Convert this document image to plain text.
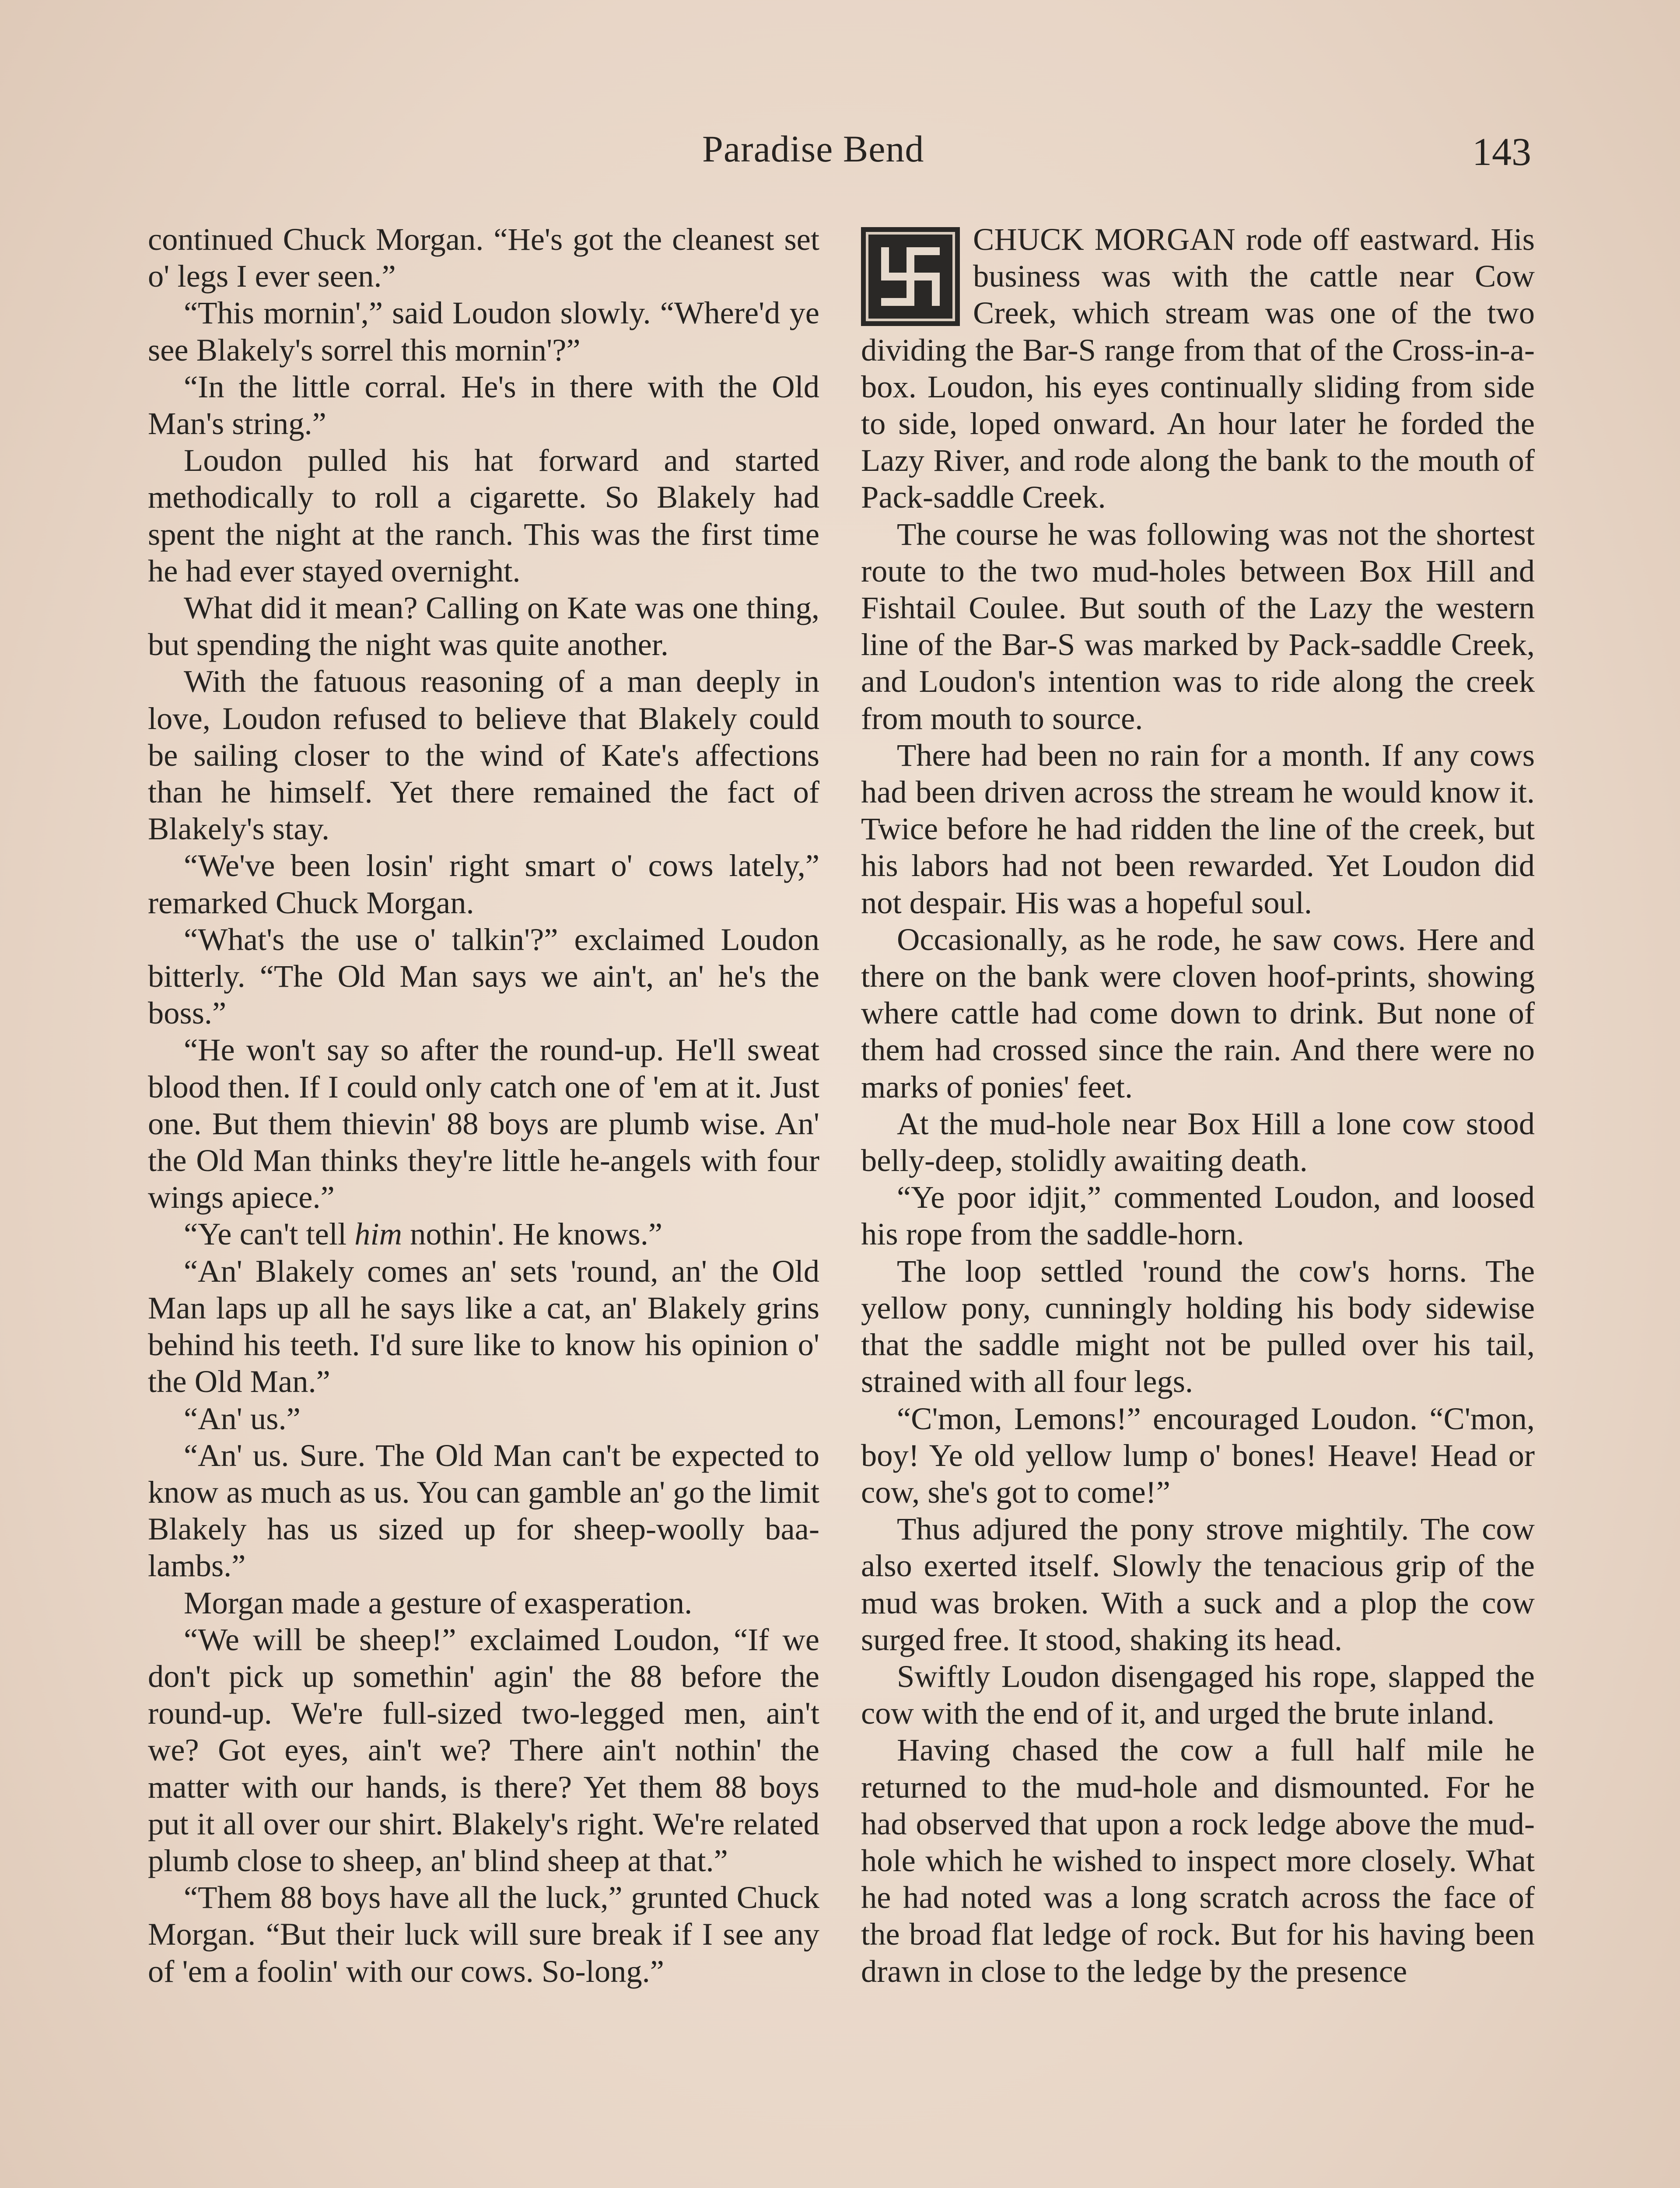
Paradise Bend	143

continued Chuck Morgan. “He's got the cleanest set o' legs I ever seen.”

“This mornin',” said Loudon slowly. “Where'd ye see Blakely's sorrel this mornin'?”

“In the little corral. He's in there with the Old Man's string.”

Loudon pulled his hat forward and started methodically to roll a cigarette. So Blakely had spent the night at the ranch. This was the first time he had ever stayed overnight.

What did it mean? Calling on Kate was one thing, but spending the night was quite another.

With the fatuous reasoning of a man deeply in love, Loudon refused to believe that Blakely could be sailing closer to the wind of Kate's affections than he himself. Yet there remained the fact of Blakely's stay.

“We've been losin' right smart o' cows lately,” remarked Chuck Morgan.

“What's the use o' talkin'?” exclaimed Loudon bitterly. “The Old Man says we ain't, an' he's the boss.”

“He won't say so after the round-up. He'll sweat blood then. If I could only catch one of 'em at it. Just one. But them thievin' 88 boys are plumb wise. An' the Old Man thinks they're little he-angels with four wings apiece.”

“Ye can't tell him nothin'. He knows.”

“An' Blakely comes an' sets 'round, an' the Old Man laps up all he says like a cat, an' Blakely grins behind his teeth. I'd sure like to know his opinion o' the Old Man.”

“An' us.”

“An' us. Sure. The Old Man can't be expected to know as much as us. You can gamble an' go the limit Blakely has us sized up for sheep-woolly baa-lambs.”

Morgan made a gesture of exasperation.

“We will be sheep!” exclaimed Loudon, “If we don't pick up somethin' agin' the 88 before the round-up. We're full-sized two-legged men, ain't we? Got eyes, ain't we? There ain't nothin' the matter with our hands, is there? Yet them 88 boys put it all over our shirt. Blakely's right. We're related plumb close to sheep, an' blind sheep at that.”

“Them 88 boys have all the luck,” grunted Chuck Morgan. “But their luck will sure break if I see any of 'em a foolin' with our cows. So-long.”

CHUCK MORGAN rode off eastward. His business was with the cattle near Cow Creek, which stream was one of the two dividing the Bar-S range from that of the Cross-in-a-box. Loudon, his eyes continually sliding from side to side, loped onward. An hour later he forded the Lazy River, and rode along the bank to the mouth of Pack-saddle Creek.

The course he was following was not the shortest route to the two mud-holes between Box Hill and Fishtail Coulee. But south of the Lazy the western line of the Bar-S was marked by Pack-saddle Creek, and Loudon's intention was to ride along the creek from mouth to source.

There had been no rain for a month. If any cows had been driven across the stream he would know it. Twice before he had ridden the line of the creek, but his labors had not been rewarded. Yet Loudon did not despair. His was a hopeful soul.

Occasionally, as he rode, he saw cows. Here and there on the bank were cloven hoof-prints, showing where cattle had come down to drink. But none of them had crossed since the rain. And there were no marks of ponies' feet.

At the mud-hole near Box Hill a lone cow stood belly-deep, stolidly awaiting death.

“Ye poor idjit,” commented Loudon, and loosed his rope from the saddle-horn.

The loop settled 'round the cow's horns. The yellow pony, cunningly holding his body sidewise that the saddle might not be pulled over his tail, strained with all four legs.

“C'mon, Lemons!” encouraged Loudon. “C'mon, boy! Ye old yellow lump o' bones! Heave! Head or cow, she's got to come!”

Thus adjured the pony strove mightily. The cow also exerted itself. Slowly the tenacious grip of the mud was broken. With a suck and a plop the cow surged free. It stood, shaking its head.

Swiftly Loudon disengaged his rope, slapped the cow with the end of it, and urged the brute inland.

Having chased the cow a full half mile he returned to the mud-hole and dismounted. For he had observed that upon a rock ledge above the mud-hole which he wished to inspect more closely. What he had noted was a long scratch across the face of the broad flat ledge of rock. But for his having been drawn in close to the ledge by the presence
